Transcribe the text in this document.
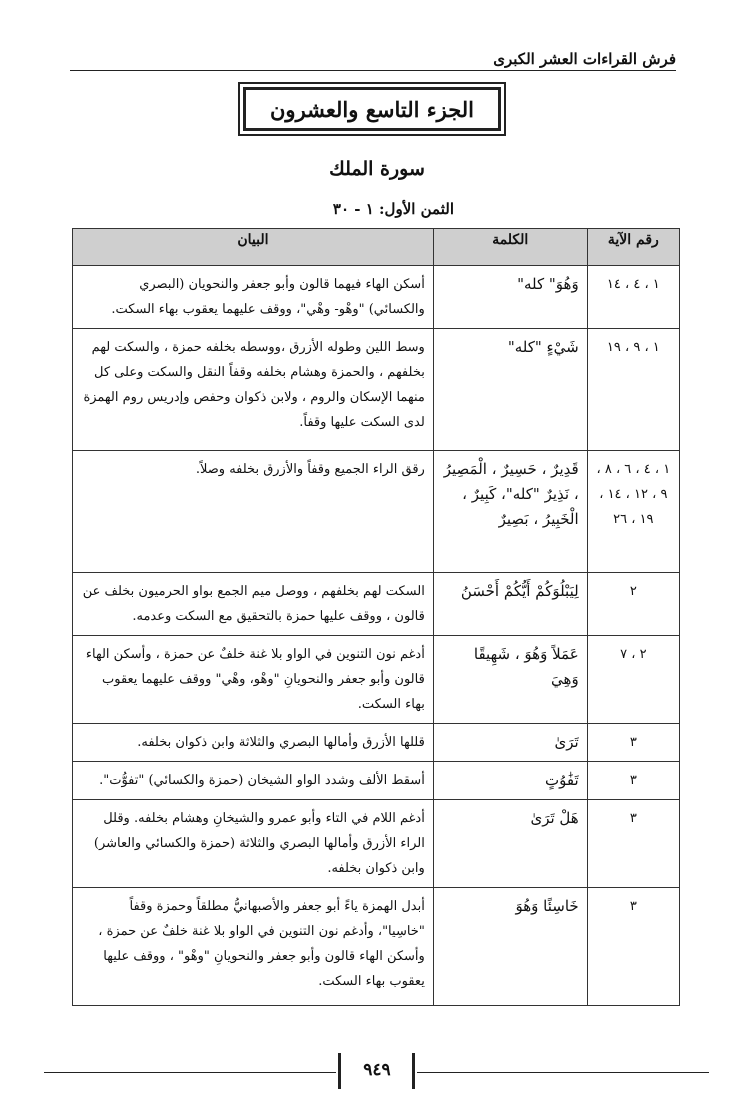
فرش القراءات العشر الكبرى
الجزء التاسع والعشرون
سورة الملك
الثمن الأول: ١ - ٣٠
رقم الآية	الكلمة	البيان
١ ، ٤ ، ١٤	وَهُوَ" كله"	أسكن الهاء فيهما قالون وأبو جعفر والنحويان (البصري والكسائي) "وهْو- وهْي"، ووقف عليهما يعقوب بهاء السكت.
١ ، ٩ ، ١٩	شَيْءٍ "كله"	وسط اللين وطوله الأزرق ،ووسطه بخلفه حمزة ، والسكت لهم بخلفهم ، والحمزة وهشام بخلفه وقفاً النقل والسكت وعلى كل منهما الإسكان والروم ، ولابن ذكوان وحفص وإدريس روم الهمزة لدى السكت عليها وقفاً.
١ ، ٤ ، ٦ ، ٨ ، ٩ ، ١٢ ، ١٤ ، ١٩ ، ٢٦	قَدِيرٌ ، حَسِيرٌ ، الْمَصِيرُ ، نَذِيرٌ "كله"، كَبِيرٌ ، الْخَبِيرُ ، بَصِيرٌ	رقق الراء الجميع وقفاً والأزرق بخلفه وصلاً.
٢	لِيَبْلُوَكُمْ أَيُّكُمْ أَحْسَنُ	السكت لهم بخلفهم ، ووصل ميم الجمع بواو الحرميون بخلف عن قالون ، ووقف عليها حمزة بالتحقيق مع السكت وعدمه.
٢ ، ٧	عَمَلاً وَهُوَ ، شَهِيقًا وَهِيَ	أدغم نون التنوين في الواو بلا غنة خلفٌ عن حمزة ، وأسكن الهاء قالون وأبو جعفر والنحويانِ "وهْو، وهْي" ووقف عليهما يعقوب بهاء السكت.
٣	تَرَىٰ	قللها الأزرق وأمالها البصري والثلاثة وابن ذكوان بخلفه.
٣	تَفَٰوُتٍ	أسقط الألف وشدد الواو الشيخان (حمزة والكسائي) "تفوُّت".
٣	هَلْ تَرَىٰ	أدغم اللام في التاء وأبو عمرو والشيخانِ وهشام بخلفه. وقلل الراء الأزرق وأمالها البصري والثلاثة (حمزة والكسائي والعاشر) وابن ذكوان بخلفه.
٣	خَاسِئًا وَهُوَ	أبدل الهمزة ياءً أبو جعفر والأصبهانيُّ مطلقاً وحمزة وقفاً "خاسِيا"، وأدغم نون التنوين في الواو بلا غنة خلفٌ عن حمزة ، وأسكن الهاء قالون وأبو جعفر والنحويانِ "وهْو" ، ووقف عليها يعقوب بهاء السكت.
٩٤٩
